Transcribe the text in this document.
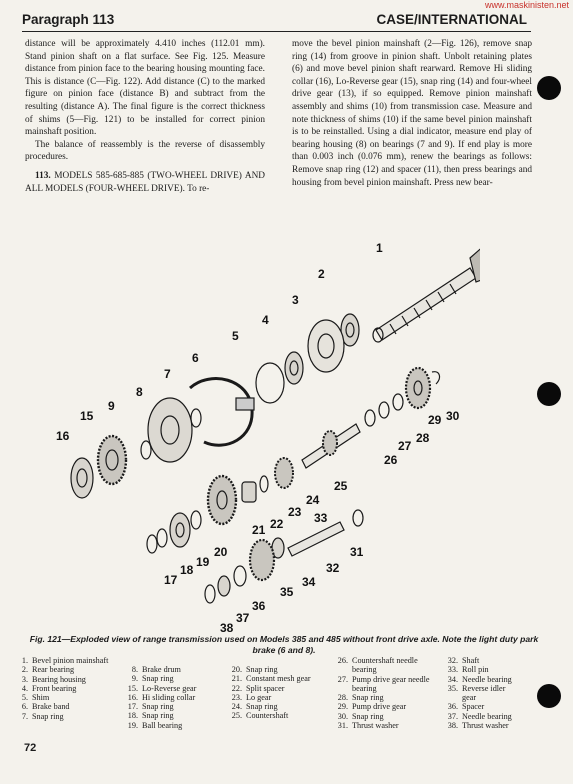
www.maskinisten.net
Paragraph 113	CASE/INTERNATIONAL

distance will be approximately 4.410 inches (112.01 mm). Stand pinion shaft on a flat surface. See Fig. 125. Measure distance from pinion face to the bearing housing mounting face. This is distance (C—Fig. 122). Add distance (C) to the marked figure on pinion face (distance B) and subtract from the resulting (distance A). The final figure is the correct thickness of shims (5—Fig. 121) to be installed for correct pinion mainshaft position.

The balance of reassembly is the reverse of disassembly procedures.

113. MODELS 585-685-885 (TWO-WHEEL DRIVE) AND ALL MODELS (FOUR-WHEEL DRIVE). To re-

move the bevel pinion mainshaft (2—Fig. 126), remove snap ring (14) from groove in pinion shaft. Unbolt retaining plates (6) and move bevel pinion shaft rearward. Remove Hi sliding collar (16), Lo-Reverse gear (15), snap ring (14) and four-wheel drive gear (13), if so equipped. Remove pinion mainshaft assembly and shims (10) from transmission case. Measure and note thickness of shims (10) if the same bevel pinion mainshaft is to be reinstalled. Using a dial indicator, measure end play of bearing housing (8) on bearings (7 and 9). If end play is more than 0.003 inch (0.076 mm), renew the bearings as follows: Remove snap ring (12) and spacer (11), then press bearings and housing from bevel pinion mainshaft. Press new bear-

1
2
3
4
5
6
7
8
9
15
16
17
18
19
20
21 22
23
24
25
26
27
28
29 30
31
32
33
34
35
36
37
38
Fig. 121—Exploded view of range transmission used on Models 385 and 485 without front drive axle. Note the light duty park brake (6 and 8).
1. Bevel pinion mainshaft
2. Rear bearing
3. Bearing housing
4. Front bearing
5. Shim
6. Brake band
7. Snap ring
8. Brake drum
9. Snap ring
15. Lo-Reverse gear
16. Hi sliding collar
17. Snap ring
18. Snap ring
19. Ball bearing
20. Snap ring
21. Constant mesh gear
22. Split spacer
23. Lo gear
24. Snap ring
25. Countershaft
26. Countershaft needle bearing
27. Pump drive gear needle bearing
28. Snap ring
29. Pump drive gear
30. Snap ring
31. Thrust washer
32. Shaft
33. Roll pin
34. Needle bearing
35. Reverse idler gear
36. Spacer
37. Needle bearing
38. Thrust washer
72
